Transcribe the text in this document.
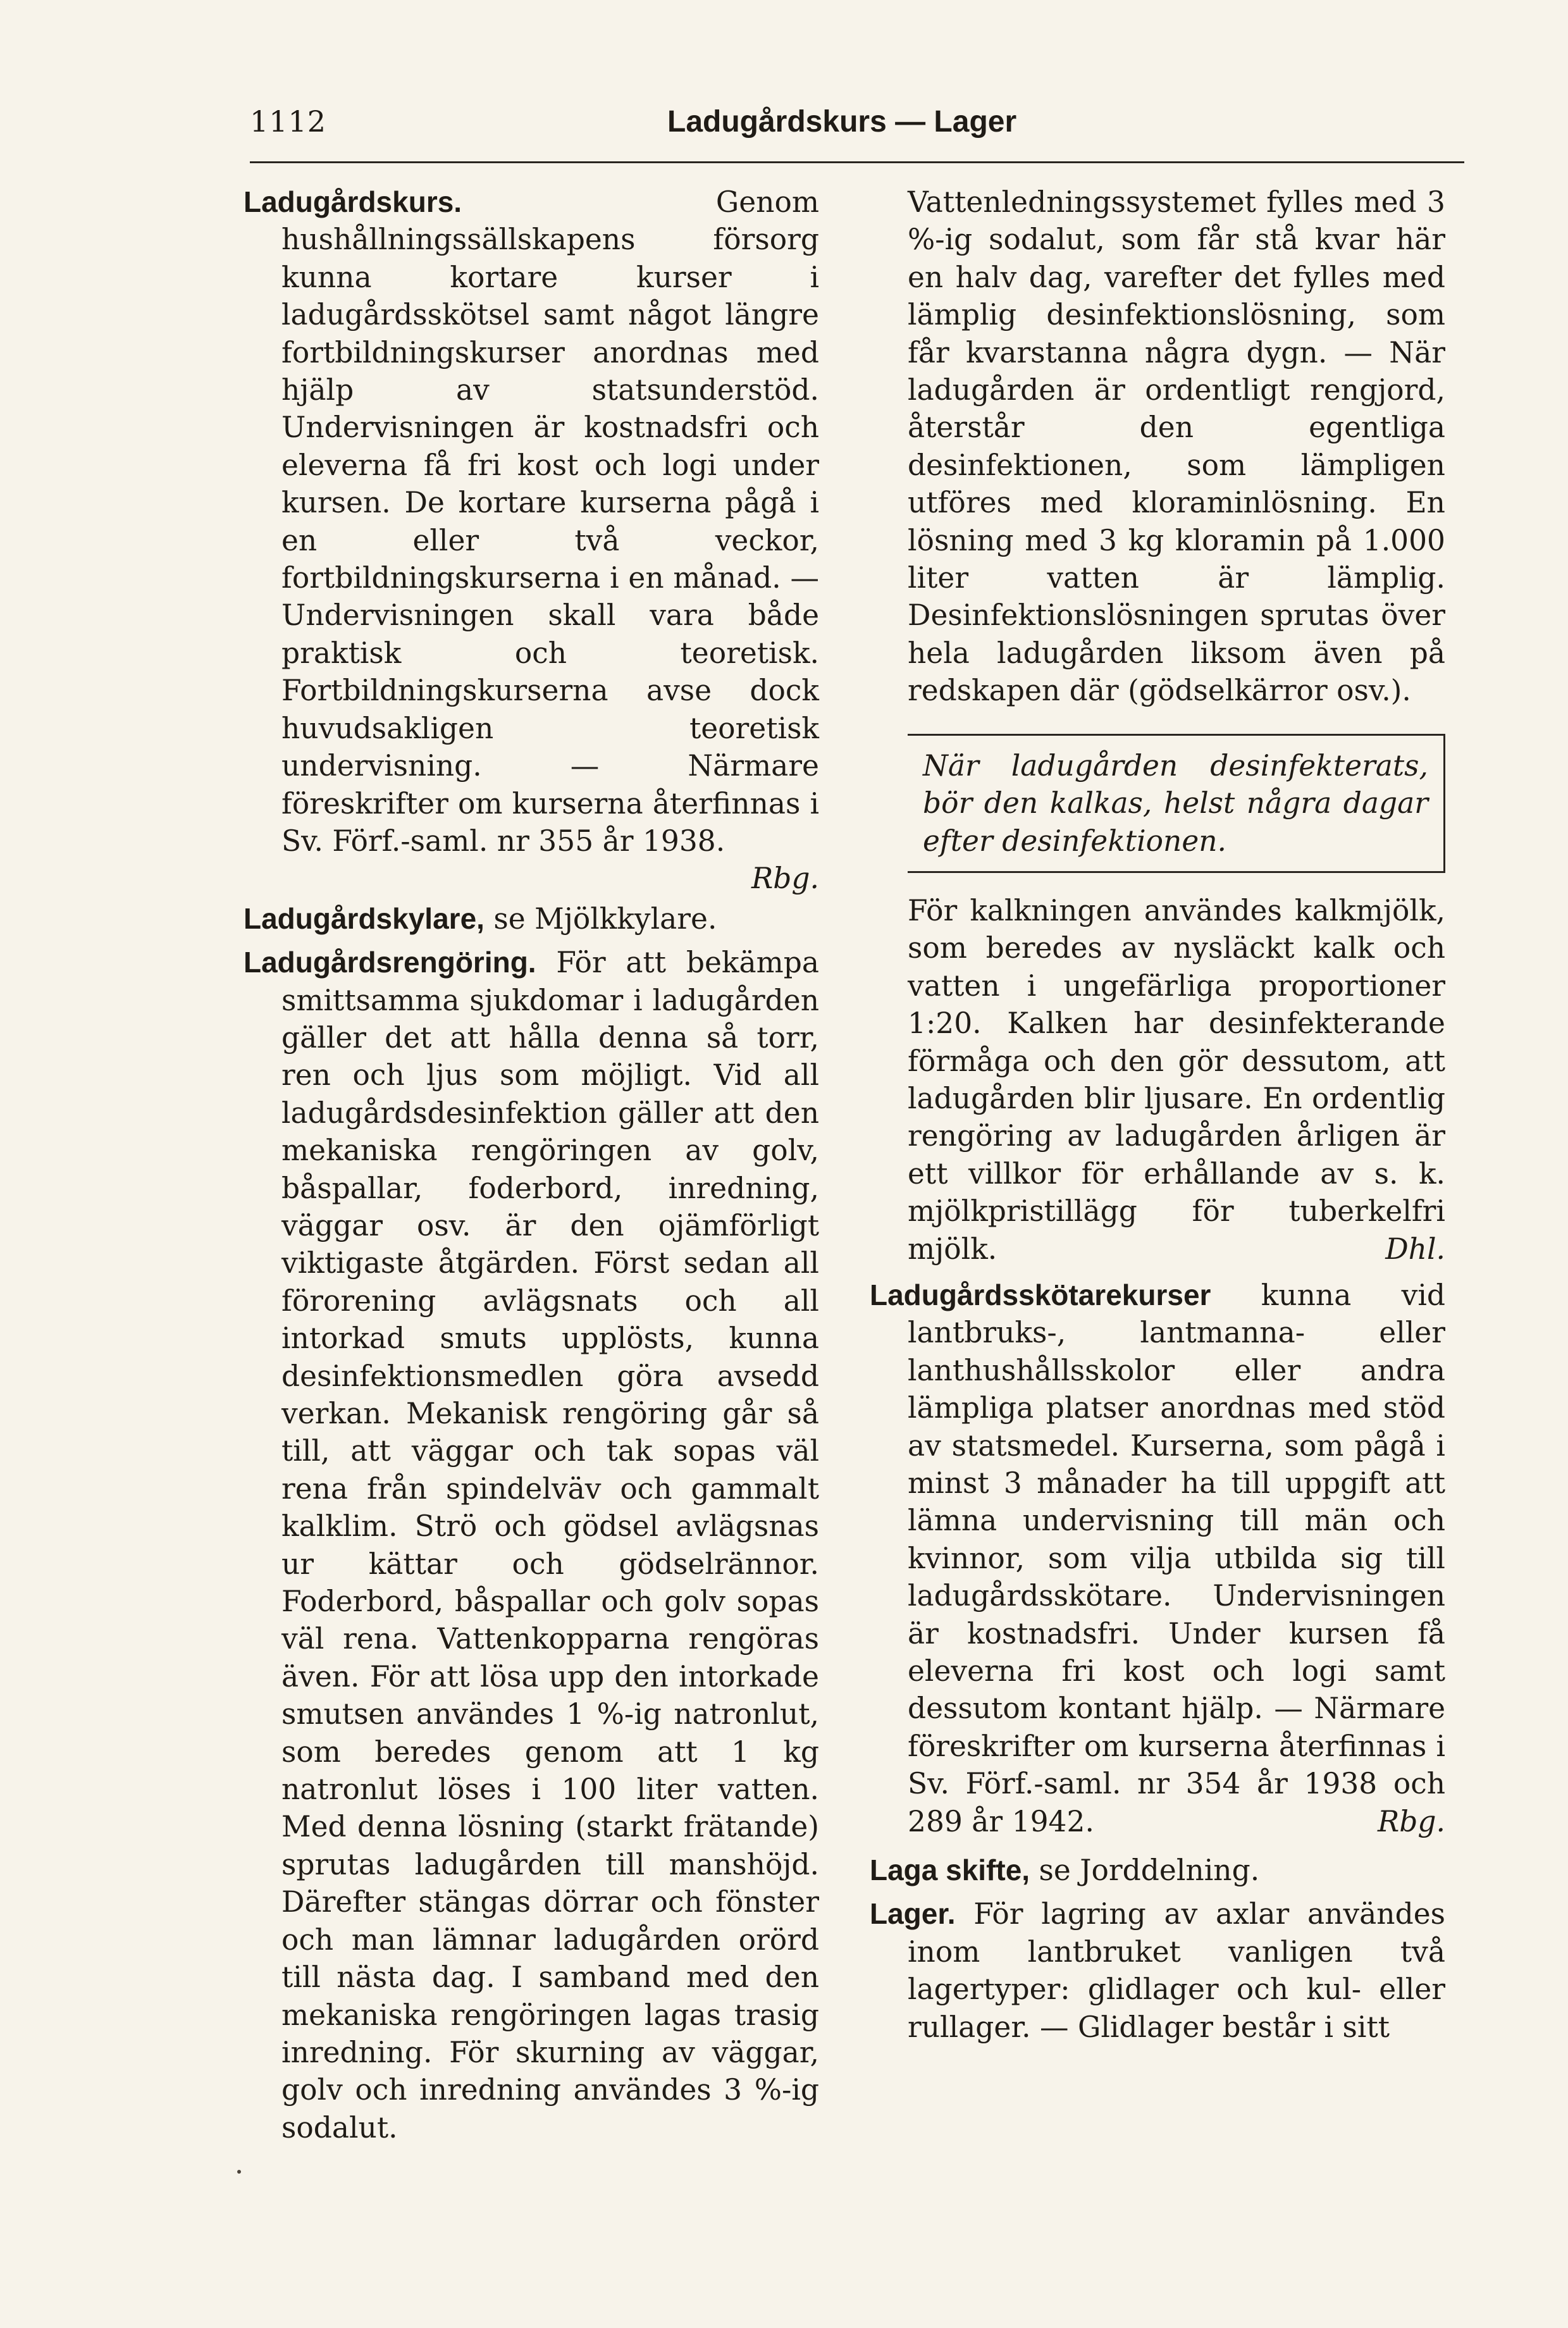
1112	Ladugårdskurs — Lager

Ladugårdskurs. Genom hushållningssällskapens försorg kunna kortare kurser i ladugårdsskötsel samt något längre fortbildningskurser anordnas med hjälp av statsunderstöd. Undervisningen är kostnadsfri och eleverna få fri kost och logi under kursen. De kortare kurserna pågå i en eller två veckor, fortbildningskurserna i en månad. — Undervisningen skall vara både praktisk och teoretisk. Fortbildningskurserna avse dock huvudsakligen teoretisk undervisning. — Närmare föreskrifter om kurserna återfinnas i Sv. Förf.-saml. nr 355 år 1938.

Rbg.

Ladugårdskylare, se Mjölkkylare.

Ladugårdsrengöring. För att bekämpa smittsamma sjukdomar i ladugården gäller det att hålla denna så torr, ren och ljus som möjligt. Vid all ladugårdsdesinfektion gäller att den mekaniska rengöringen av golv, båspallar, foderbord, inredning, väggar osv. är den ojämförligt viktigaste åtgärden. Först sedan all förorening avlägsnats och all intorkad smuts upplösts, kunna desinfektionsmedlen göra avsedd verkan. Mekanisk rengöring går så till, att väggar och tak sopas väl rena från spindelväv och gammalt kalklim. Strö och gödsel avlägsnas ur kättar och gödselrännor. Foderbord, båspallar och golv sopas väl rena. Vattenkopparna rengöras även. För att lösa upp den intorkade smutsen användes 1 %-ig natronlut, som beredes genom att 1 kg natronlut löses i 100 liter vatten. Med denna lösning (starkt frätande) sprutas ladugården till manshöjd. Därefter stängas dörrar och fönster och man lämnar ladugården orörd till nästa dag. I samband med den mekaniska rengöringen lagas trasig inredning. För skurning av väggar, golv och inredning användes 3 %-ig sodalut.

Vattenledningssystemet fylles med 3 %-ig sodalut, som får stå kvar här en halv dag, varefter det fylles med lämplig desinfektionslösning, som får kvarstanna några dygn. — När ladugården är ordentligt rengjord, återstår den egentliga desinfektionen, som lämpligen utföres med kloraminlösning. En lösning med 3 kg kloramin på 1.000 liter vatten är lämplig. Desinfektionslösningen sprutas över hela ladugården liksom även på redskapen där (gödselkärror osv.).

När ladugården desinfekterats, bör den kalkas, helst några dagar efter desinfektionen.

För kalkningen användes kalkmjölk, som beredes av nysläckt kalk och vatten i ungefärliga proportioner 1:20. Kalken har desinfekterande förmåga och den gör dessutom, att ladugården blir ljusare. En ordentlig rengöring av ladugården årligen är ett villkor för erhållande av s. k. mjölkpristillägg för tuberkelfri mjölk.	Dhl.

Ladugårdsskötarekurser kunna vid lantbruks-, lantmanna- eller lanthushållsskolor eller andra lämpliga platser anordnas med stöd av statsmedel. Kurserna, som pågå i minst 3 månader ha till uppgift att lämna undervisning till män och kvinnor, som vilja utbilda sig till ladugårdsskötare. Undervisningen är kostnadsfri. Under kursen få eleverna fri kost och logi samt dessutom kontant hjälp. — Närmare föreskrifter om kurserna återfinnas i Sv. Förf.-saml. nr 354 år 1938 och 289 år 1942.	Rbg.

Laga skifte, se Jorddelning.

Lager. För lagring av axlar användes inom lantbruket vanligen två lagertyper: glidlager och kul- eller rullager. — Glidlager består i sitt
